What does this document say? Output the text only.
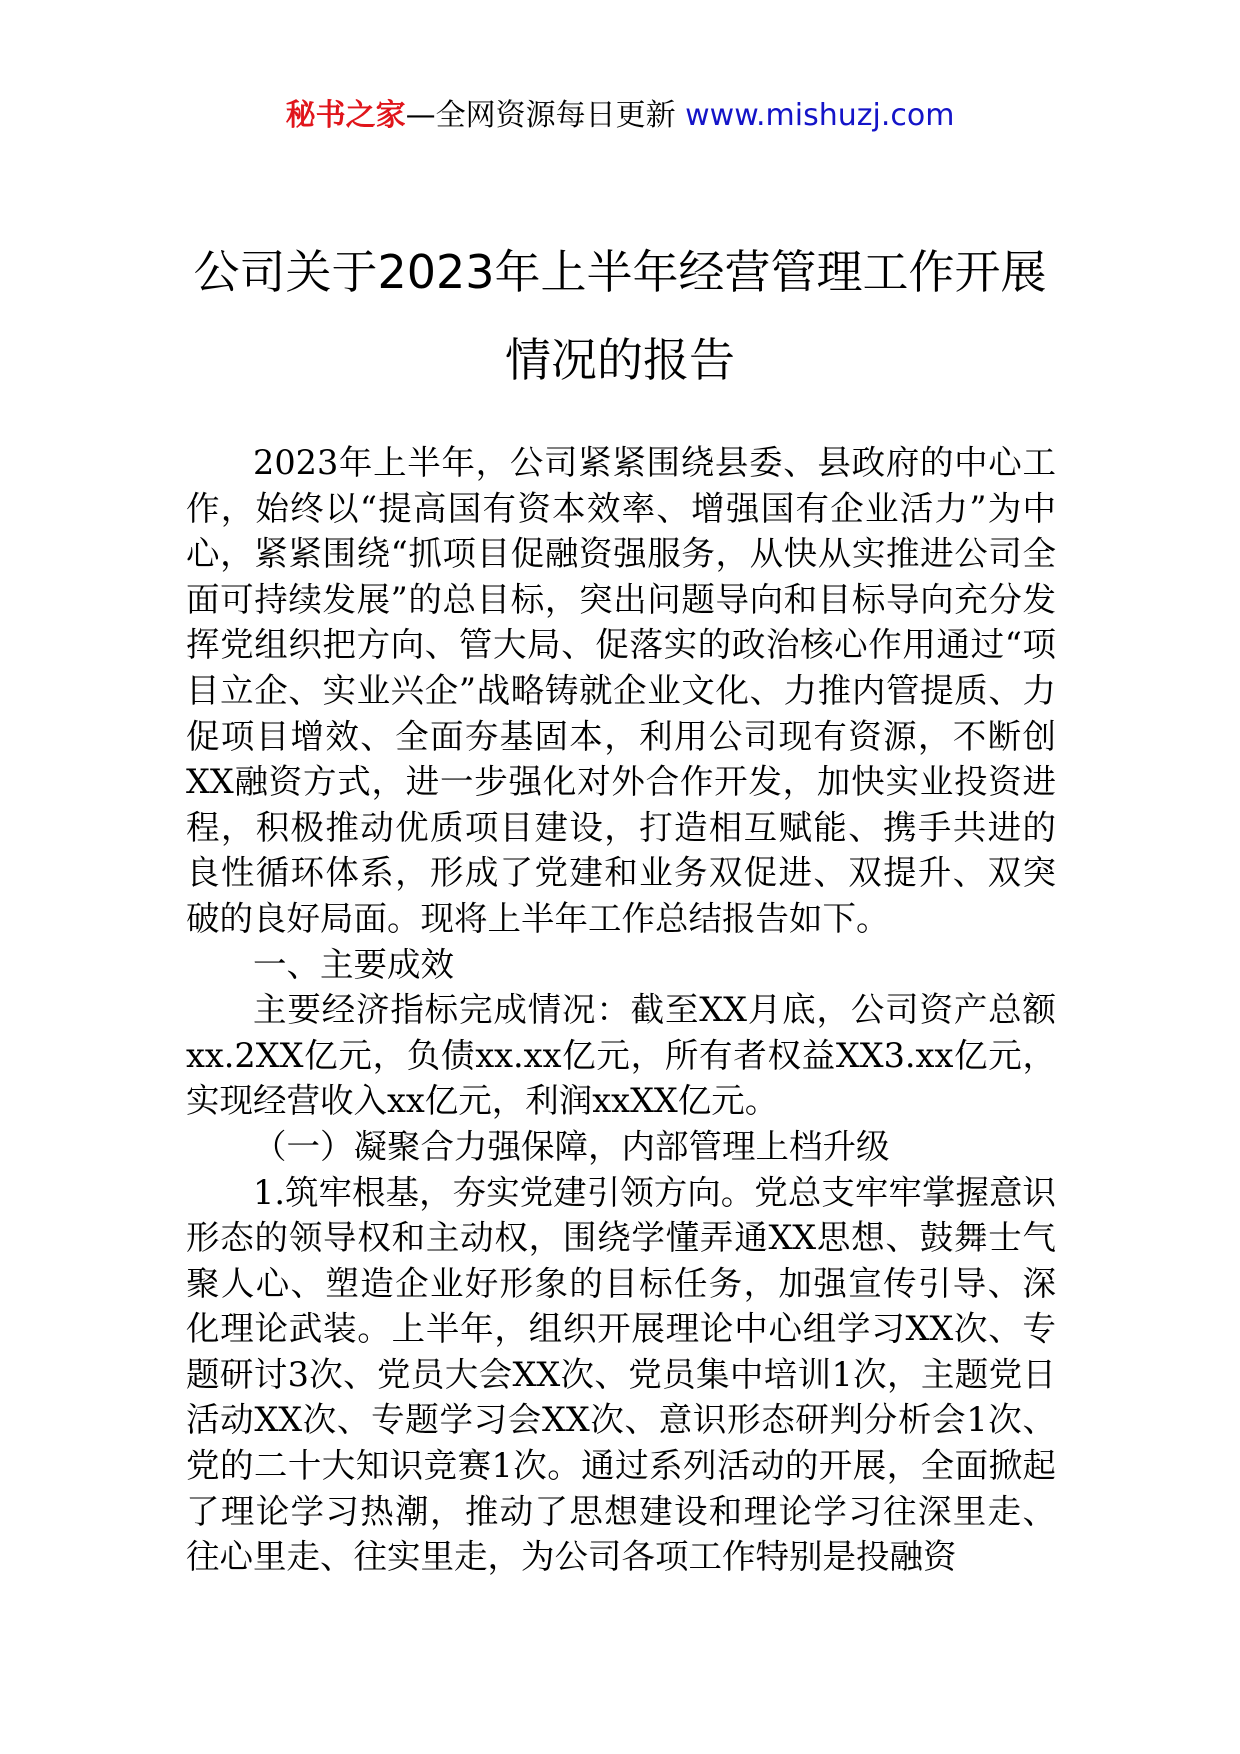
秘书之家—全网资源每日更新 www.mishuzj.com
公司关于2023年上半年经营管理工作开展
情况的报告

2023年上半年，公司紧紧围绕县委、县政府的中心工作，始终以“提高国有资本效率、增强国有企业活力”为中心，紧紧围绕“抓项目促融资强服务，从快从实推进公司全面可持续发展”的总目标，突出问题导向和目标导向充分发挥党组织把方向、管大局、促落实的政治核心作用通过“项目立企、实业兴企”战略铸就企业文化、力推内管提质、力促项目增效、全面夯基固本，利用公司现有资源，不断创XX融资方式，进一步强化对外合作开发，加快实业投资进程，积极推动优质项目建设，打造相互赋能、携手共进的良性循环体系，形成了党建和业务双促进、双提升、双突破的良好局面。现将上半年工作总结报告如下。

一、主要成效

主要经济指标完成情况：截至XX月底，公司资产总额xx.2XX亿元，负债xx.xx亿元，所有者权益XX3.xx亿元，实现经营收入xx亿元，利润xxXX亿元。

（一）凝聚合力强保障，内部管理上档升级

1.筑牢根基，夯实党建引领方向。党总支牢牢掌握意识形态的领导权和主动权，围绕学懂弄通XX思想、鼓舞士气聚人心、塑造企业好形象的目标任务，加强宣传引导、深化理论武装。上半年，组织开展理论中心组学习XX次、专题研讨3次、党员大会XX次、党员集中培训1次，主题党日活动XX次、专题学习会XX次、意识形态研判分析会1次、党的二十大知识竞赛1次。通过系列活动的开展，全面掀起了理论学习热潮，推动了思想建设和理论学习往深里走、往心里走、往实里走，为公司各项工作特别是投融资
